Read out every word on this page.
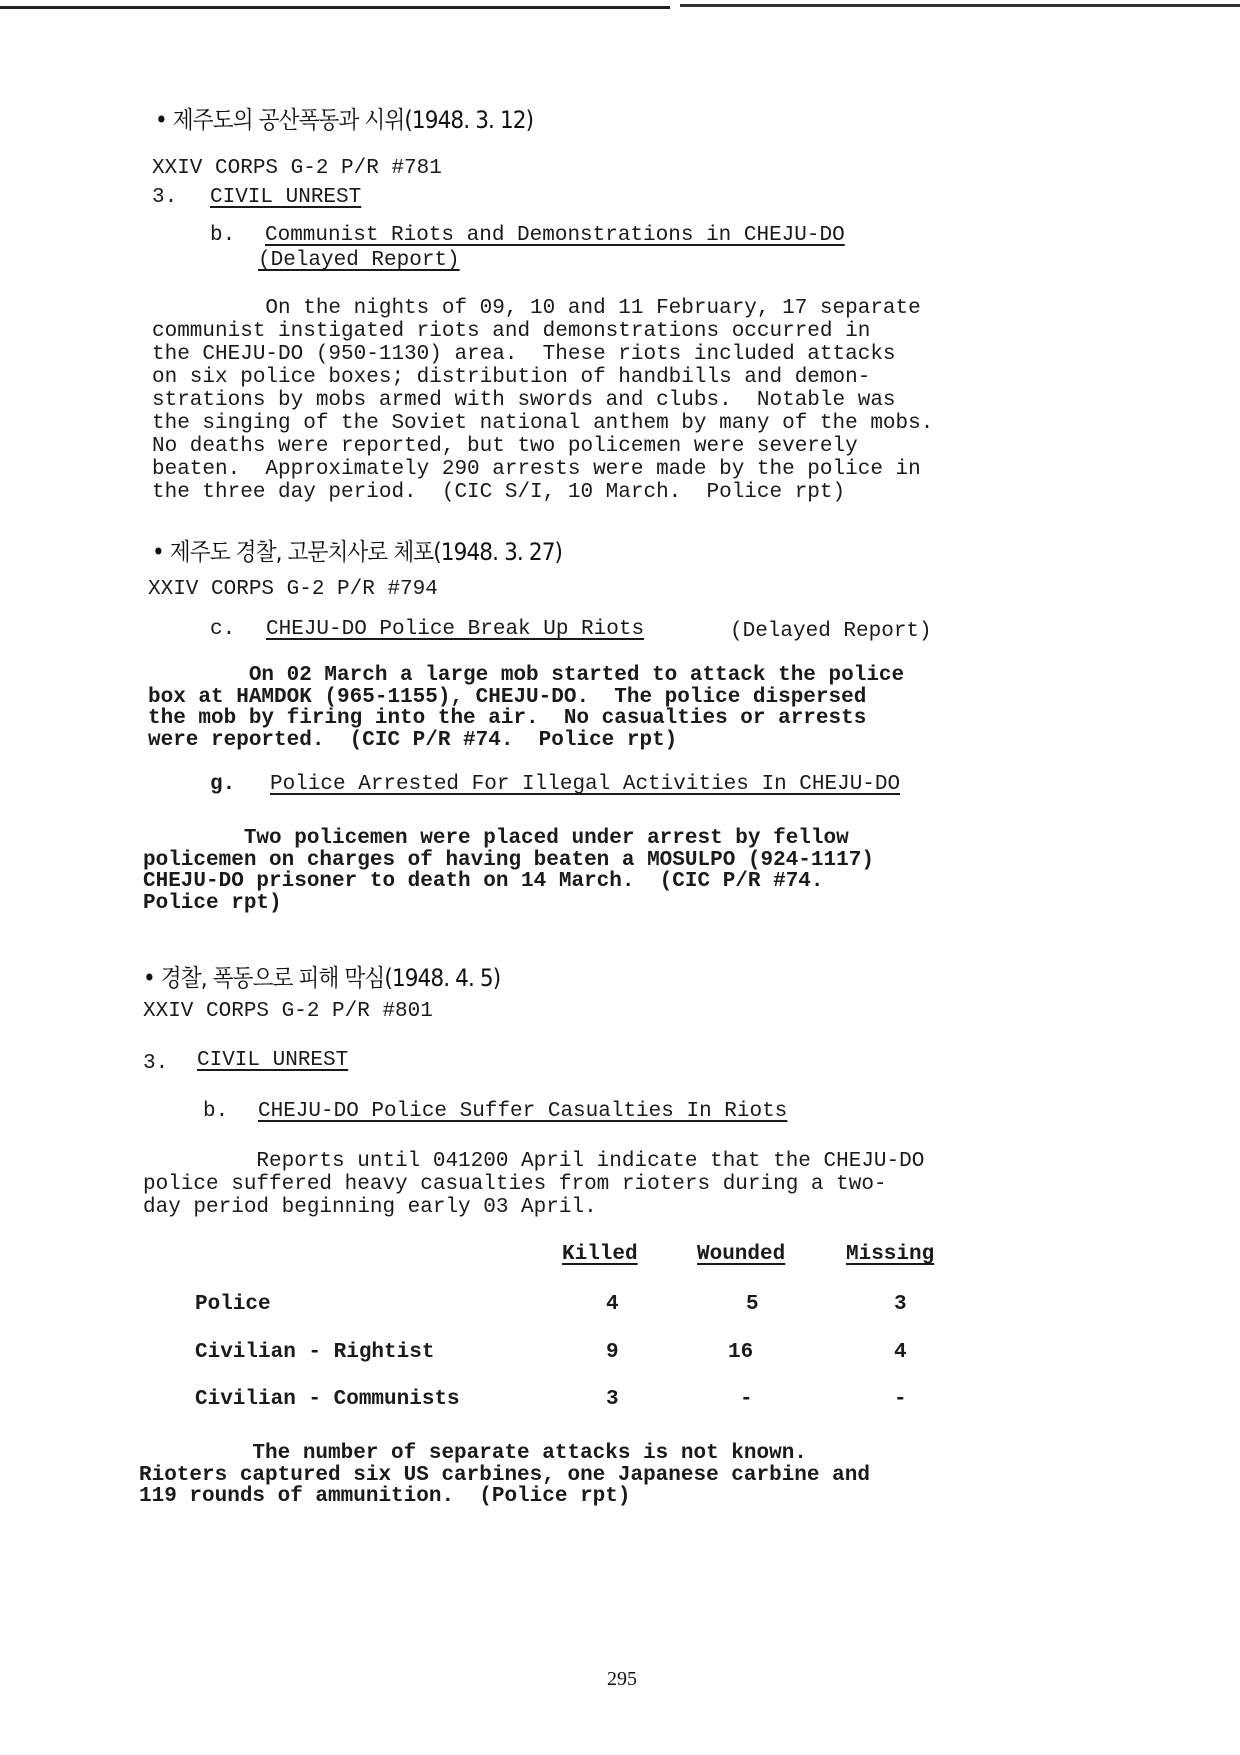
• 제주도의 공산폭동과 시위(1948. 3. 12)
XXIV CORPS G-2 P/R #781
3. CIVIL UNREST
b. Communist Riots and Demonstrations in CHEJU-DO
(Delayed Report)
On the nights of 09, 10 and 11 February, 17 separate
communist instigated riots and demonstrations occurred in
the CHEJU-DO (950-1130) area.  These riots included attacks
on six police boxes; distribution of handbills and demon-
strations by mobs armed with swords and clubs.  Notable was
the singing of the Soviet national anthem by many of the mobs.
No deaths were reported, but two policemen were severely
beaten.  Approximately 290 arrests were made by the police in
the three day period.  (CIC S/I, 10 March.  Police rpt)
• 제주도 경찰, 고문치사로 체포(1948. 3. 27)
XXIV CORPS G-2 P/R #794
c. CHEJU-DO Police Break Up Riots	(Delayed Report)
On 02 March a large mob started to attack the police
box at HAMDOK (965-1155), CHEJU-DO.  The police dispersed
the mob by firing into the air.  No casualties or arrests
were reported.  (CIC P/R #74.  Police rpt)
g. Police Arrested For Illegal Activities In CHEJU-DO
Two policemen were placed under arrest by fellow
policemen on charges of having beaten a MOSULPO (924-1117)
CHEJU-DO prisoner to death on 14 March.  (CIC P/R #74.
Police rpt)
• 경찰, 폭동으로 피해 막심(1948. 4. 5)
XXIV CORPS G-2 P/R #801
3. CIVIL UNREST
b. CHEJU-DO Police Suffer Casualties In Riots
Reports until 041200 April indicate that the CHEJU-DO
police suffered heavy casualties from rioters during a two-
day period beginning early 03 April.
Killed	Wounded	Missing
Police	4	5	3
Civilian - Rightist	9	16	4
Civilian - Communists	3	-	-
The number of separate attacks is not known.
Rioters captured six US carbines, one Japanese carbine and
119 rounds of ammunition.  (Police rpt)
295
